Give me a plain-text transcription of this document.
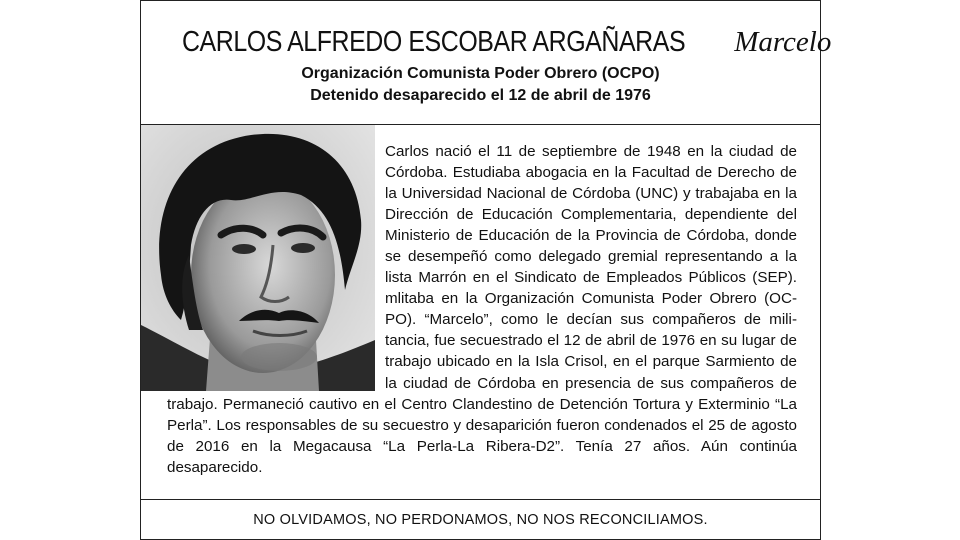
CARLOS ALFREDO ESCOBAR ARGAÑARAS Marcelo
Organización Comunista Poder Obrero (OCPO)
Detenido desaparecido el 12 de abril de 1976

Carlos nació el 11 de septiembre de 1948 en la ciudad de Córdoba. Estudiaba abogacia en la Facultad de Derecho de la Universidad Nacional de Córdoba (UNC) y trabajaba en la Dirección de Educación Complementaria, dependiente del Ministerio de Educación de la Provincia de Córdoba, donde se desempeñó como delegado gremial representando a la lista Marrón en el Sindicato de Empleados Públicos (SEP). mlitaba en la Organización Comunista Poder Obrero (OCPO). “Marcelo”, como le decían sus compañeros de militancia, fue secuestrado el 12 de abril de 1976 en su lugar de trabajo ubicado en la Isla Crisol, en el parque Sarmiento de la ciudad de Córdoba en presencia de sus compañeros de trabajo. Permaneció cautivo en el Centro Clandestino de Detención Tortura y Exterminio “La Perla”. Los responsables de su secuestro y desaparición fueron condenados el 25 de agosto de 2016 en la Megacausa “La Perla-La Ribera-D2”. Tenía 27 años. Aún continúa desaparecido.

NO OLVIDAMOS, NO PERDONAMOS, NO NOS RECONCILIAMOS.
